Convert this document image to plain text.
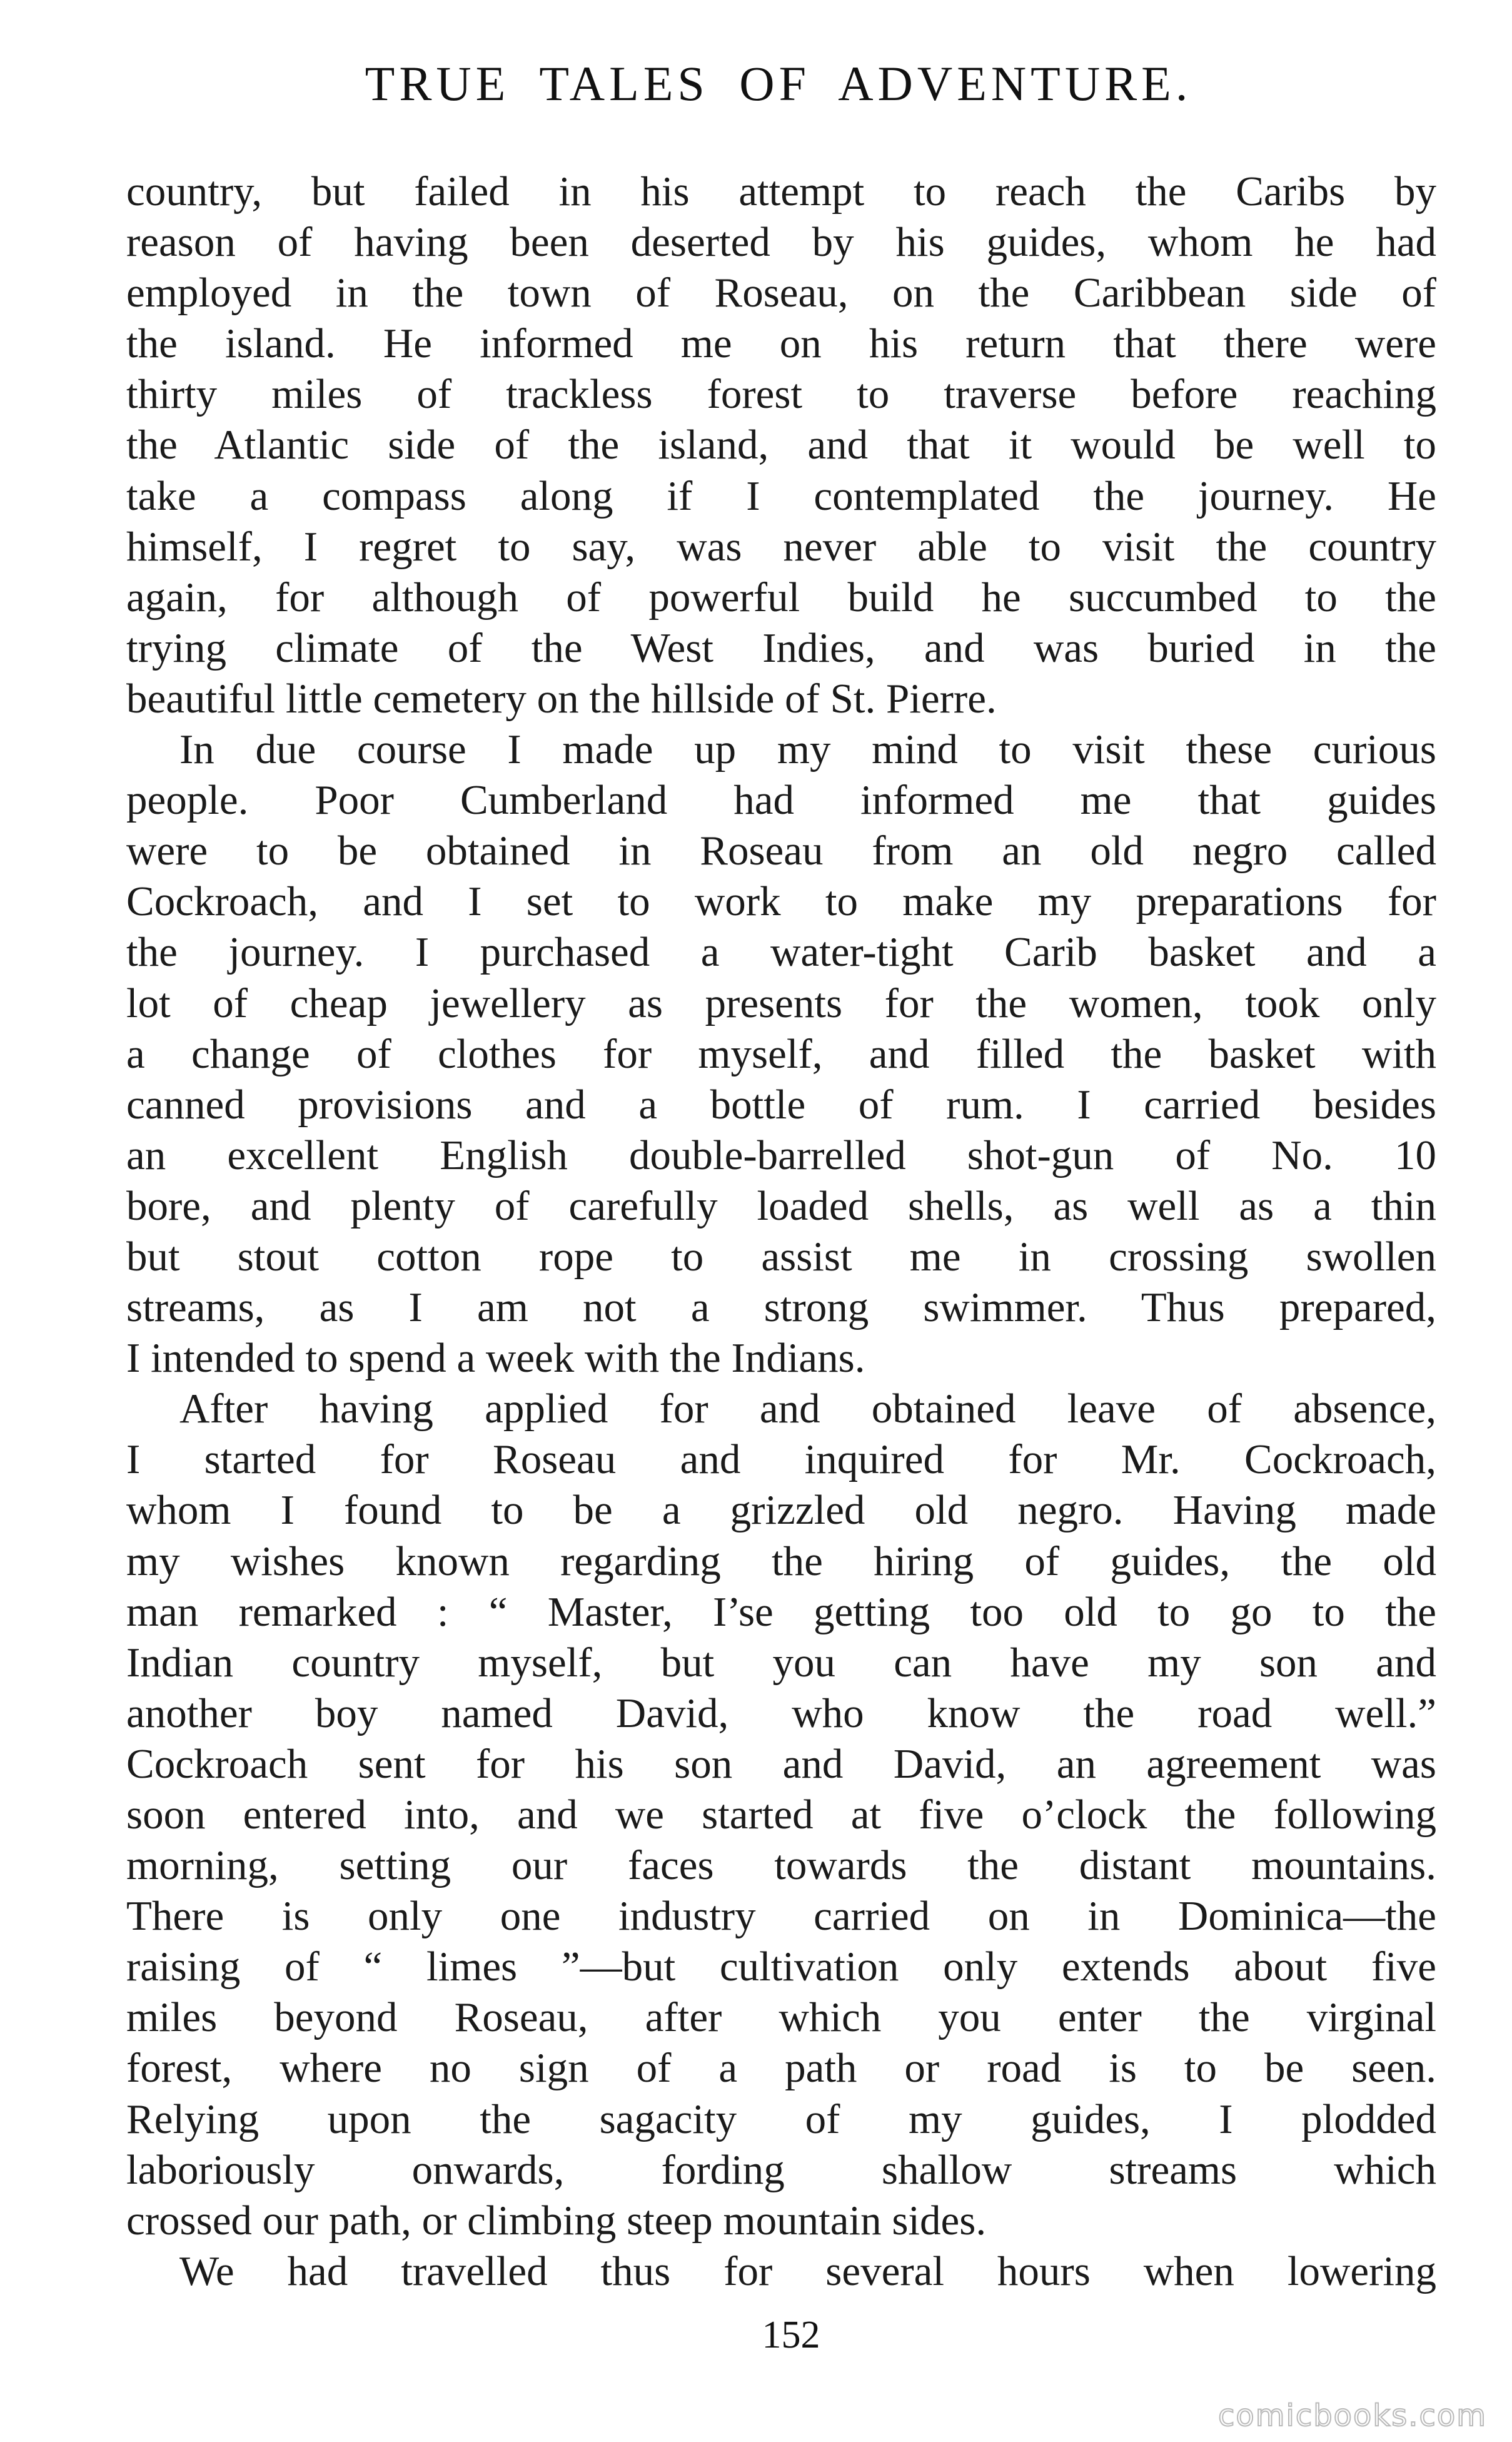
TRUE TALES OF ADVENTURE.
country, but failed in his attempt to reach the Caribs by
reason of having been deserted by his guides, whom he had
employed in the town of Roseau, on the Caribbean side of
the island. He informed me on his return that there were
thirty miles of trackless forest to traverse before reaching
the Atlantic side of the island, and that it would be well to
take a compass along if I contemplated the journey. He
himself, I regret to say, was never able to visit the country
again, for although of powerful build he succumbed to the
trying climate of the West Indies, and was buried in the
beautiful little cemetery on the hillside of St. Pierre.
In due course I made up my mind to visit these curious
people. Poor Cumberland had informed me that guides
were to be obtained in Roseau from an old negro called
Cockroach, and I set to work to make my preparations for
the journey. I purchased a water-tight Carib basket and a
lot of cheap jewellery as presents for the women, took only
a change of clothes for myself, and filled the basket with
canned provisions and a bottle of rum. I carried besides
an excellent English double-barrelled shot-gun of No. 10
bore, and plenty of carefully loaded shells, as well as a thin
but stout cotton rope to assist me in crossing swollen
streams, as I am not a strong swimmer. Thus prepared,
I intended to spend a week with the Indians.
After having applied for and obtained leave of absence,
I started for Roseau and inquired for Mr. Cockroach,
whom I found to be a grizzled old negro. Having made
my wishes known regarding the hiring of guides, the old
man remarked : “ Master, I’se getting too old to go to the
Indian country myself, but you can have my son and
another boy named David, who know the road well.”
Cockroach sent for his son and David, an agreement was
soon entered into, and we started at five o’clock the following
morning, setting our faces towards the distant mountains.
There is only one industry carried on in Dominica—the
raising of “ limes ”—but cultivation only extends about five
miles beyond Roseau, after which you enter the virginal
forest, where no sign of a path or road is to be seen.
Relying upon the sagacity of my guides, I plodded
laboriously onwards, fording shallow streams which
crossed our path, or climbing steep mountain sides.
We had travelled thus for several hours when lowering
152
comicbooks.com
